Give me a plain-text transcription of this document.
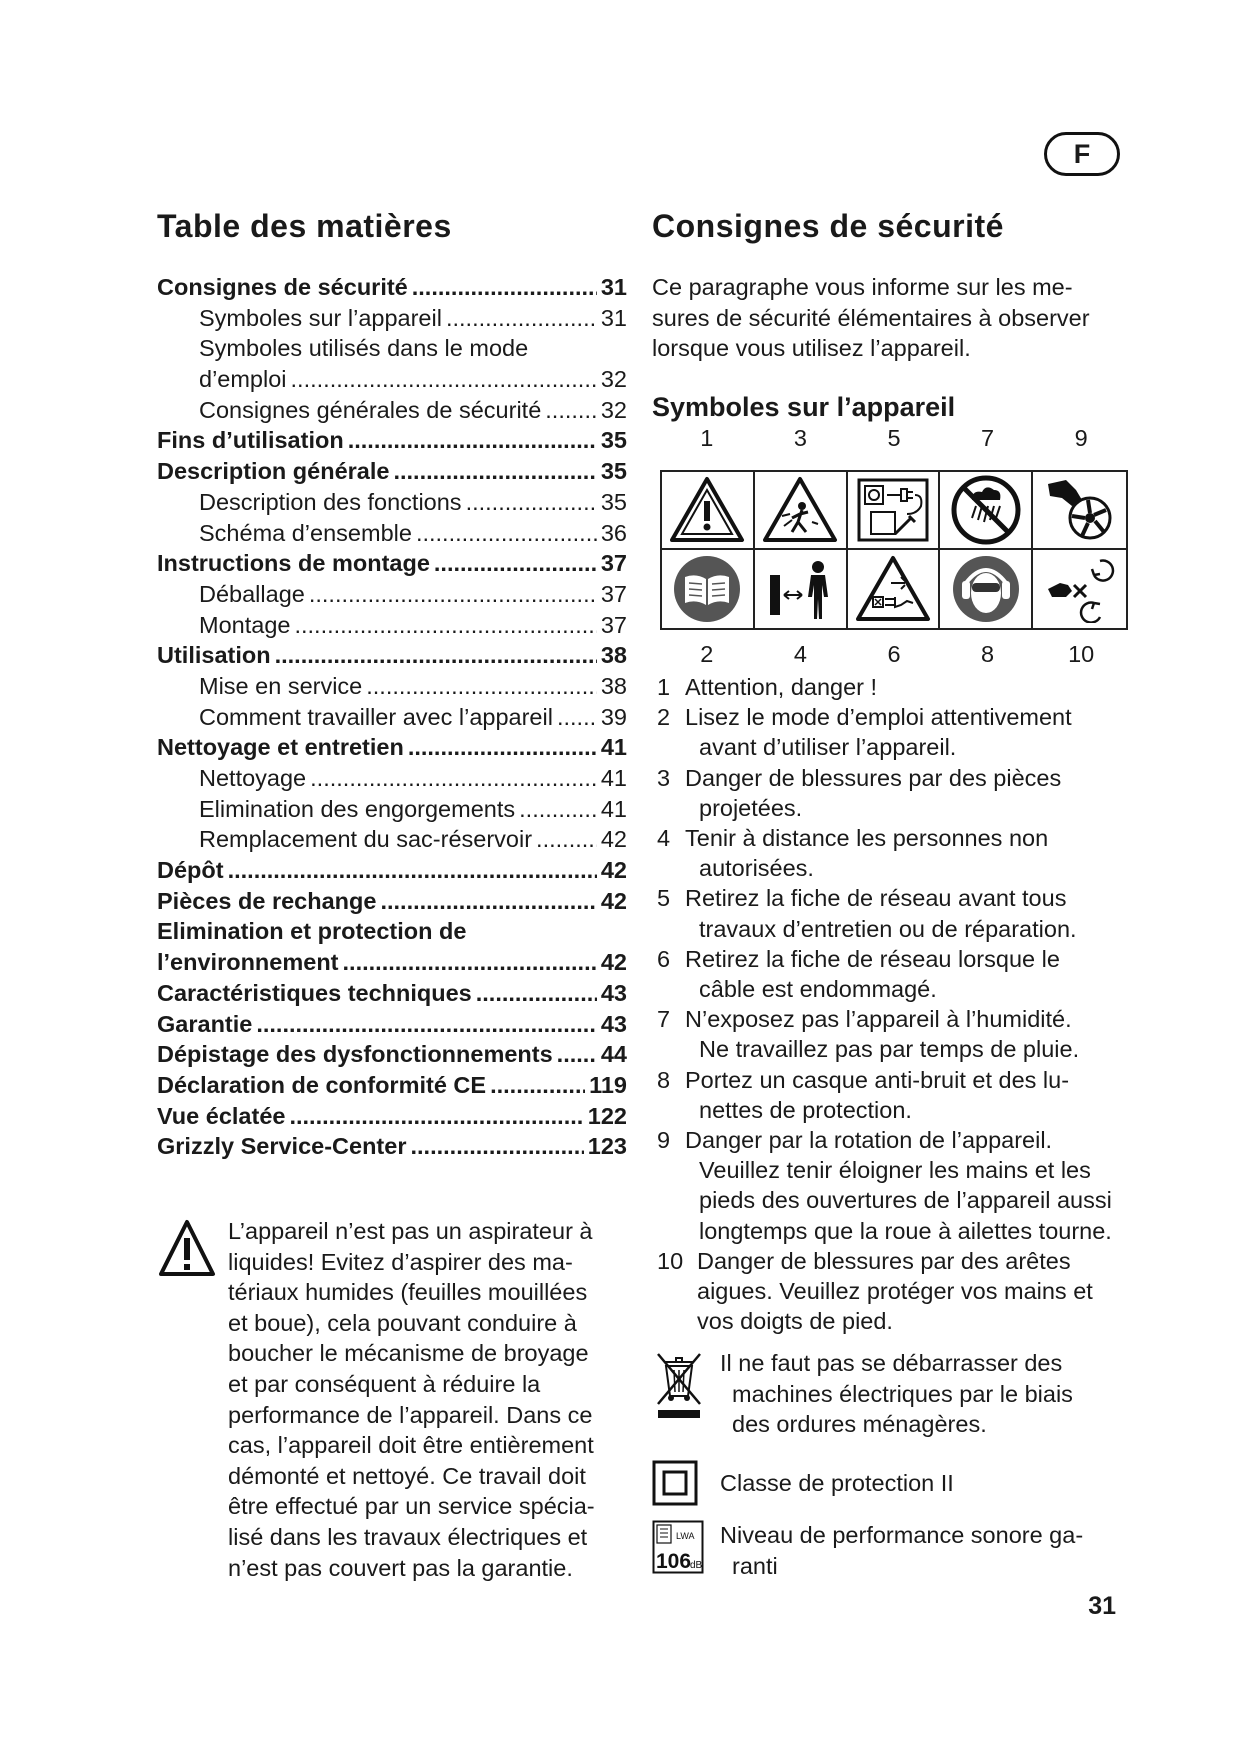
F
Table des matières
Consignes de sécurité .....	31
Symboles sur l’appareil .....	31
Symboles utilisés dans le mode
d’emploi .....	32
Consignes générales de sécurité .....	32
Fins d’utilisation .....	35
Description générale .....	35
Description des fonctions .....	35
Schéma d’ensemble .....	36
Instructions de montage .....	37
Déballage .....	37
Montage .....	37
Utilisation .....	38
Mise en service .....	38
Comment travailler avec l’appareil ..... 39
Nettoyage et entretien .....	41
Nettoyage .....	41
Elimination des engorgements .....	41
Remplacement du sac-réservoir .....	42
Dépôt .....	42
Pièces de rechange .....	42
Elimination et protection de
l’environnement .....	42
Caractéristiques techniques .....	43
Garantie .....	43
Dépistage des dysfonctionnements ..... 44
Déclaration de conformité CE .....	119
Vue éclatée .....	122
Grizzly Service-Center .....	123
L’appareil n’est pas un aspirateur à
liquides! Evitez d’aspirer des ma-
tériaux humides (feuilles mouillées
et boue), cela pouvant conduire à
boucher le mécanisme de broyage
et par conséquent à réduire la
performance de l’appareil. Dans ce
cas, l’appareil doit être entièrement
démonté et nettoyé. Ce travail doit
être effectué par un service spécia-
lisé dans les travaux électriques et
n’est pas couvert pas la garantie.
Consignes de sécurité
Ce paragraphe vous informe sur les me-
sures de sécurité élémentaires à observer
lorsque vous utilisez l’appareil.
Symboles sur l’appareil
1	3	5	7	9
2	4	6	8	10
1 Attention, danger !
2 Lisez le mode d’emploi attentivement
avant d’utiliser l’appareil.
3 Danger de blessures par des pièces
projetées.
4 Tenir à distance les personnes non
autorisées.
5 Retirez la fiche de réseau avant tous
travaux d’entretien ou de réparation.
6 Retirez la fiche de réseau lorsque le
câble est endommagé.
7 N’exposez pas l’appareil à l’humidité.
Ne travaillez pas par temps de pluie.
8 Portez un casque anti-bruit et des lu-
nettes de protection.
9 Danger par la rotation de l’appareil.
Veuillez tenir éloigner les mains et les
pieds des ouvertures de l’appareil aussi
longtemps que la roue à ailettes tourne.
10 Danger de blessures par des arêtes
aigues. Veuillez protéger vos mains et
vos doigts de pied.
Il ne faut pas se débarrasser des
machines électriques par le biais
des ordures ménagères.
Classe de protection II
LWA
106
dB
Niveau de performance sonore ga-
ranti
31
